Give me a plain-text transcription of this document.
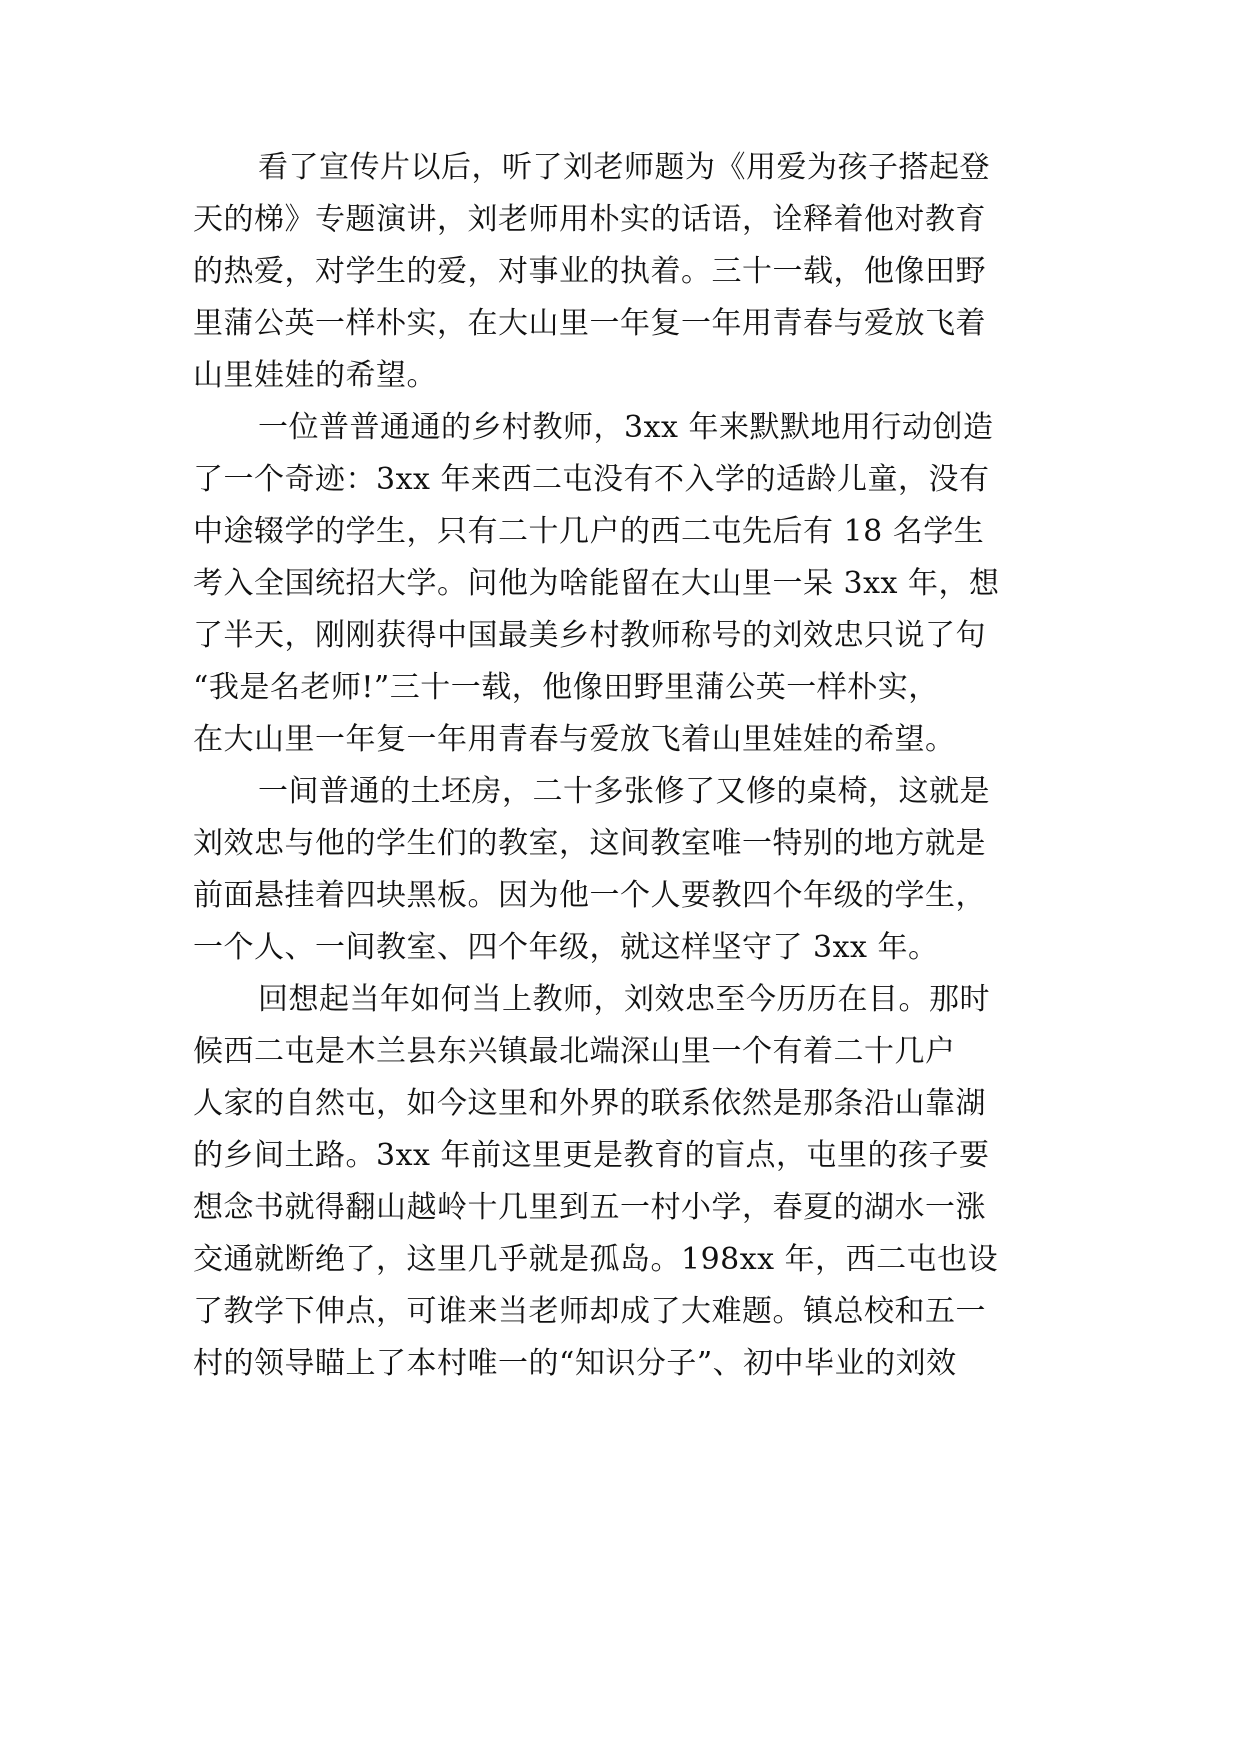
看了宣传片以后，听了刘老师题为《用爱为孩子搭起登
天的梯》专题演讲，刘老师用朴实的话语，诠释着他对教育
的热爱，对学生的爱，对事业的执着。三十一载，他像田野
里蒲公英一样朴实，在大山里一年复一年用青春与爱放飞着
山里娃娃的希望。
一位普普通通的乡村教师，3xx 年来默默地用行动创造
了一个奇迹：3xx 年来西二屯没有不入学的适龄儿童，没有
中途辍学的学生，只有二十几户的西二屯先后有 18 名学生
考入全国统招大学。问他为啥能留在大山里一呆 3xx 年，想
了半天，刚刚获得中国最美乡村教师称号的刘效忠只说了句
“我是名老师!”三十一载，他像田野里蒲公英一样朴实，
在大山里一年复一年用青春与爱放飞着山里娃娃的希望。
一间普通的土坯房，二十多张修了又修的桌椅，这就是
刘效忠与他的学生们的教室，这间教室唯一特别的地方就是
前面悬挂着四块黑板。因为他一个人要教四个年级的学生，
一个人、一间教室、四个年级，就这样坚守了 3xx 年。
回想起当年如何当上教师，刘效忠至今历历在目。那时
候西二屯是木兰县东兴镇最北端深山里一个有着二十几户
人家的自然屯，如今这里和外界的联系依然是那条沿山靠湖
的乡间土路。3xx 年前这里更是教育的盲点，屯里的孩子要
想念书就得翻山越岭十几里到五一村小学，春夏的湖水一涨
交通就断绝了，这里几乎就是孤岛。198xx 年，西二屯也设
了教学下伸点，可谁来当老师却成了大难题。镇总校和五一
村的领导瞄上了本村唯一的“知识分子”、初中毕业的刘效
